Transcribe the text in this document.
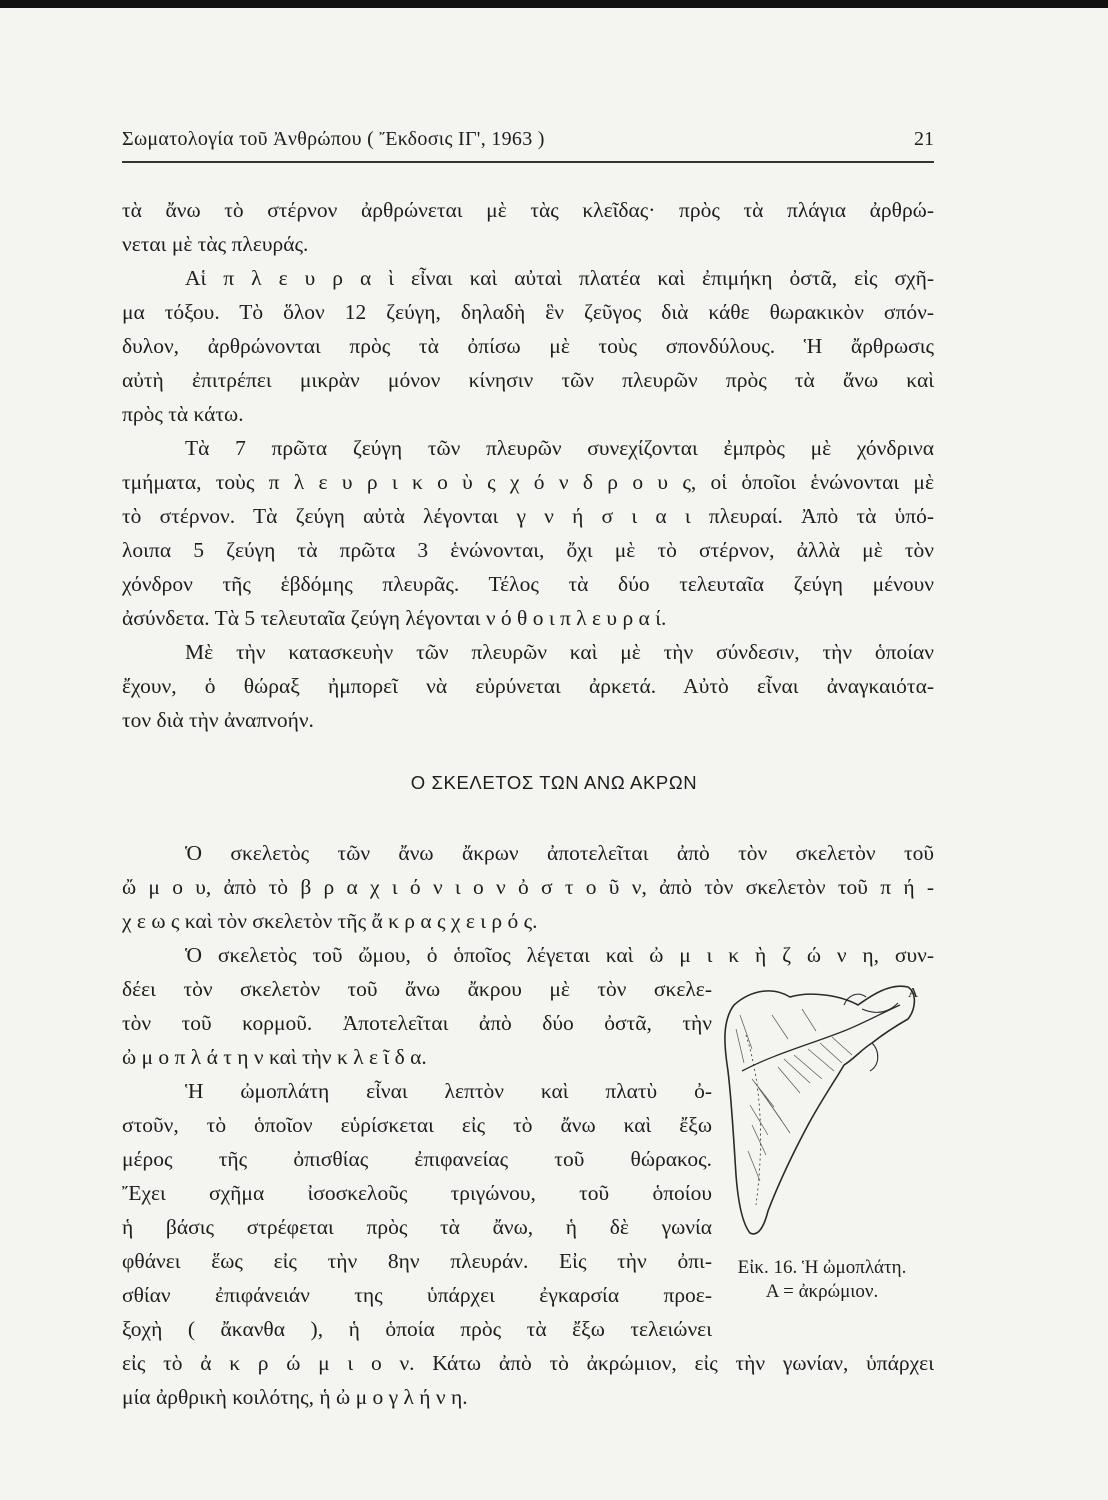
Σωματολογία τοῦ Ἀνθρώπου ( Ἔκδοσις ΙΓ', 1963 )	21
τὰ ἄνω τὸ στέρνον ἀρθρώνεται μὲ τὰς κλεῖδας· πρὸς τὰ πλάγια ἀρθρώ-
νεται μὲ τὰς πλευράς.
Αἱ π λ ε υ ρ α ὶ εἶναι καὶ αὐταὶ πλατέα καὶ ἐπιμήκη ὀστᾶ, εἰς σχῆ-
μα τόξου. Τὸ ὅλον 12 ζεύγη, δηλαδὴ ἓν ζεῦγος διὰ κάθε θωρακικὸν σπόν-
δυλον, ἀρθρώνονται πρὸς τὰ ὀπίσω μὲ τοὺς σπονδύλους. Ἡ ἄρθρωσις
αὐτὴ ἐπιτρέπει μικρὰν μόνον κίνησιν τῶν πλευρῶν πρὸς τὰ ἄνω καὶ
πρὸς τὰ κάτω.
Τὰ 7 πρῶτα ζεύγη τῶν πλευρῶν συνεχίζονται ἐμπρὸς μὲ χόνδρινα
τμήματα, τοὺς π λ ε υ ρ ι κ ο ὺ ς χ ό ν δ ρ ο υ ς, οἱ ὁποῖοι ἑνώνονται μὲ
τὸ στέρνον. Τὰ ζεύγη αὐτὰ λέγονται γ ν ή σ ι α ι πλευραί. Ἀπὸ τὰ ὑπό-
λοιπα 5 ζεύγη τὰ πρῶτα 3 ἑνώνονται, ὄχι μὲ τὸ στέρνον, ἀλλὰ μὲ τὸν
χόνδρον τῆς ἑβδόμης πλευρᾶς. Τέλος τὰ δύο τελευταῖα ζεύγη μένουν
ἀσύνδετα. Τὰ 5 τελευταῖα ζεύγη λέγονται ν ό θ ο ι π λ ε υ ρ α ί.
Μὲ τὴν κατασκευὴν τῶν πλευρῶν καὶ μὲ τὴν σύνδεσιν, τὴν ὁποίαν
ἔχουν, ὁ θώραξ ἠμπορεῖ νὰ εὐρύνεται ἀρκετά. Αὐτὸ εἶναι ἀναγκαιότα-
τον διὰ τὴν ἀναπνοήν.
Ο ΣΚΕΛΕΤΟΣ ΤΩΝ ΑΝΩ ΑΚΡΩΝ
Ὁ σκελετὸς τῶν ἄνω ἄκρων ἀποτελεῖται ἀπὸ τὸν σκελετὸν τοῦ
ὤ μ ο υ, ἀπὸ τὸ β ρ α χ ι ό ν ι ο ν ὀ σ τ ο ῦ ν, ἀπὸ τὸν σκελετὸν τοῦ π ή -
χ ε ω ς καὶ τὸν σκελετὸν τῆς ἄ κ ρ α ς χ ε ι ρ ό ς.
Ὁ σκελετὸς τοῦ ὤμου, ὁ ὁποῖος λέγεται καὶ ὠ μ ι κ ὴ ζ ώ ν η, συν-
δέει τὸν σκελετὸν τοῦ ἄνω ἄκρου μὲ τὸν σκελε-
τὸν τοῦ κορμοῦ. Ἀποτελεῖται ἀπὸ δύο ὀστᾶ, τὴν
ὠ μ ο π λ ά τ η ν καὶ τὴν κ λ ε ῖ δ α.
Ἡ ὠμοπλάτη εἶναι λεπτὸν καὶ πλατὺ ὀ-
στοῦν, τὸ ὁποῖον εὑρίσκεται εἰς τὸ ἄνω καὶ ἔξω
μέρος τῆς ὀπισθίας ἐπιφανείας τοῦ θώρακος.
Ἔχει σχῆμα ἰσοσκελοῦς τριγώνου, τοῦ ὁποίου
ἡ βάσις στρέφεται πρὸς τὰ ἄνω, ἡ δὲ γωνία
φθάνει ἕως εἰς τὴν 8ην πλευράν. Εἰς τὴν ὀπι-
σθίαν ἐπιφάνειάν της ὑπάρχει ἐγκαρσία προε-
ξοχὴ ( ἄκανθα ), ἡ ὁποία πρὸς τὰ ἔξω τελειώνει
εἰς τὸ ἀ κ ρ ώ μ ι ο ν. Κάτω ἀπὸ τὸ ἀκρώμιον, εἰς τὴν γωνίαν, ὑπάρχει
μία ἀρθρικὴ κοιλότης, ἡ ὠ μ ο γ λ ή ν η.
Α
Εἰκ. 16. Ἡ ὠμοπλάτη.
Α = ἀκρώμιον.
